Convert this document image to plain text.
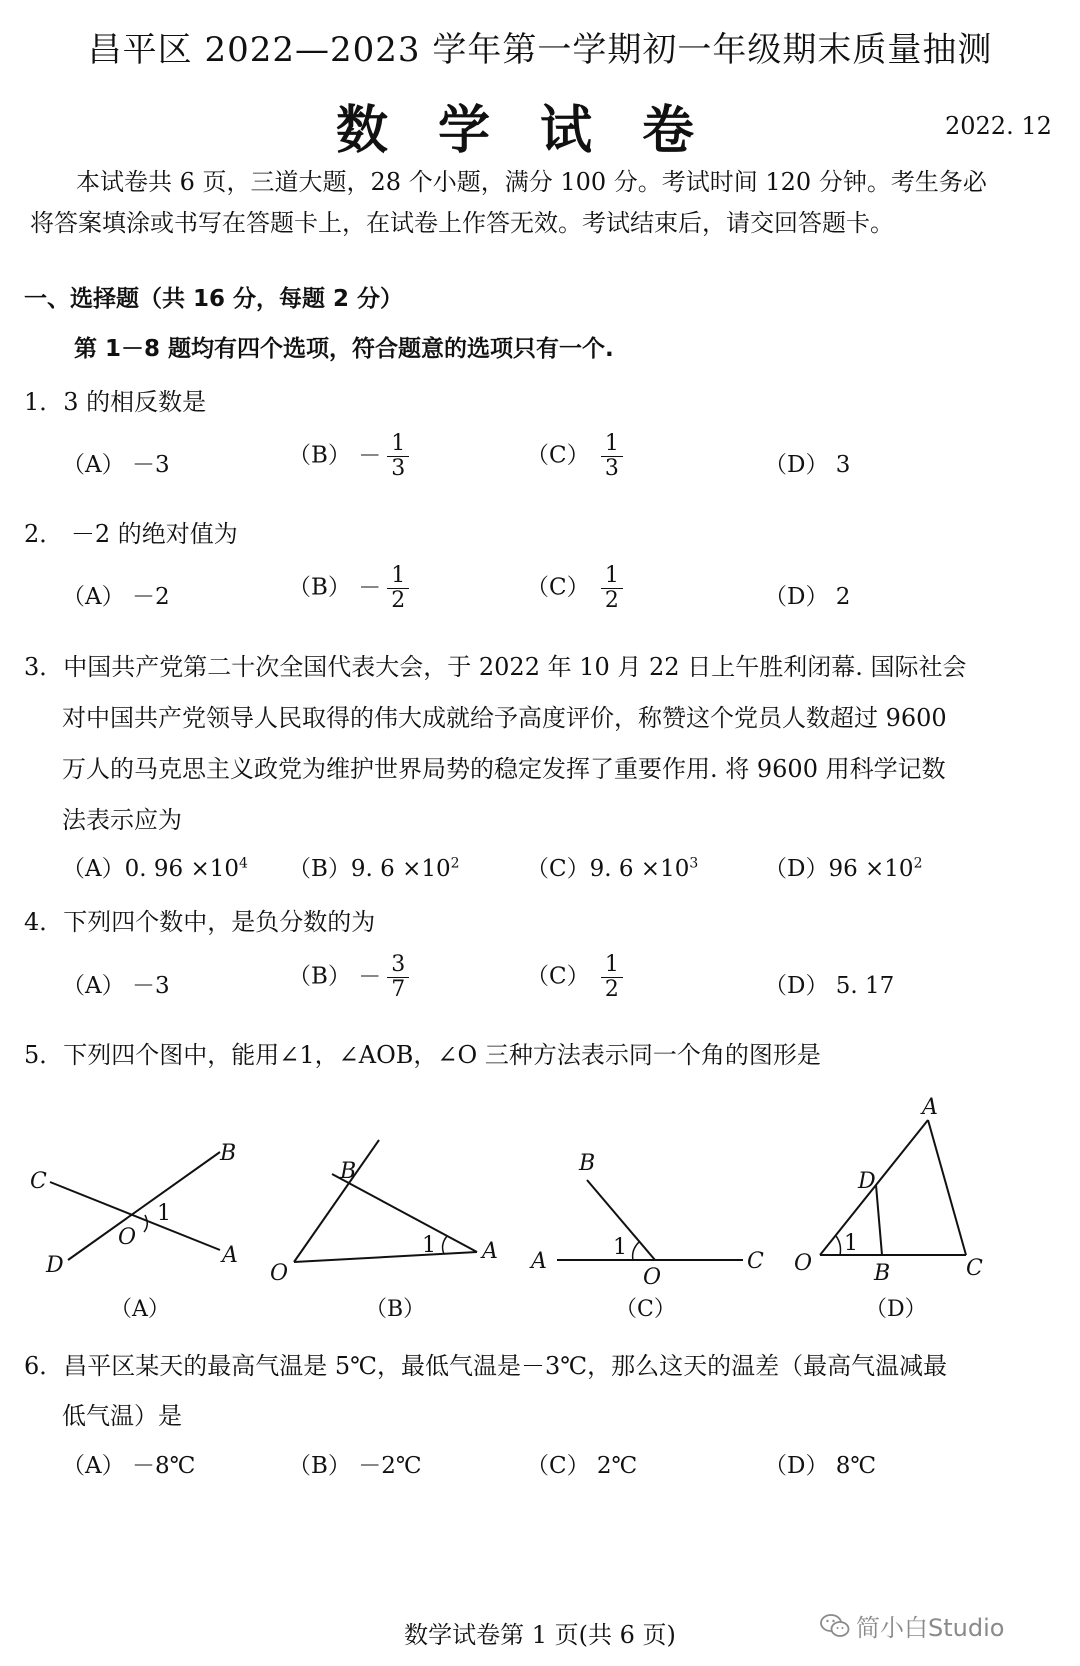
昌平区 2022—2023 学年第一学期初一年级期末质量抽测
数学试卷	2022. 12
本试卷共 6 页，三道大题，28 个小题，满分 100 分。考试时间 120 分钟。考生务必
将答案填涂或书写在答题卡上，在试卷上作答无效。考试结束后，请交回答题卡。
一、选择题（共 16 分，每题 2 分）
第 1－8 题均有四个选项，符合题意的选项只有一个.
1．3 的相反数是
（A） －3	$(B) - \frac{1}{3}$	$(C) \frac{1}{3}$	（D） 3
2． －2 的绝对值为
（A） －2	$(B) - \frac{1}{2}$	$(C) \frac{1}{2}$	（D） 2
3．中国共产党第二十次全国代表大会，于 2022 年 10 月 22 日上午胜利闭幕. 国际社会
对中国共产党领导人民取得的伟大成就给予高度评价，称赞这个党员人数超过 9600
万人的马克思主义政党为维护世界局势的稳定发挥了重要作用. 将 9600 用科学记数
法表示应为
（A）0. $96 \times 10^4$ （B）9. $6 \times 10^2$	（C）9. $6 \times 10^3$	$(D)96 \times 10^2$
4．下列四个数中，是负分数的为
（A） －3	$(B) - \frac{3}{7}$	$(C) \frac{1}{2}$	（D） 5. 17
5．下列四个图中，能用∠1，∠AOB，∠O 三种方法表示同一个角的图形是
C
B
O
1
D	A
（A）
B
1
O
A
（B）
B
A
1
O
C
（C）
A
D
O
1
B	C
（D）
6．昌平区某天的最高气温是 5℃，最低气温是－3℃，那么这天的温差（最高气温减最
低气温）是
（A） －8℃	（B） －2℃	（C） 2℃	（D） 8℃
数学试卷第 1 页(共 6 页)	简小白Studio
